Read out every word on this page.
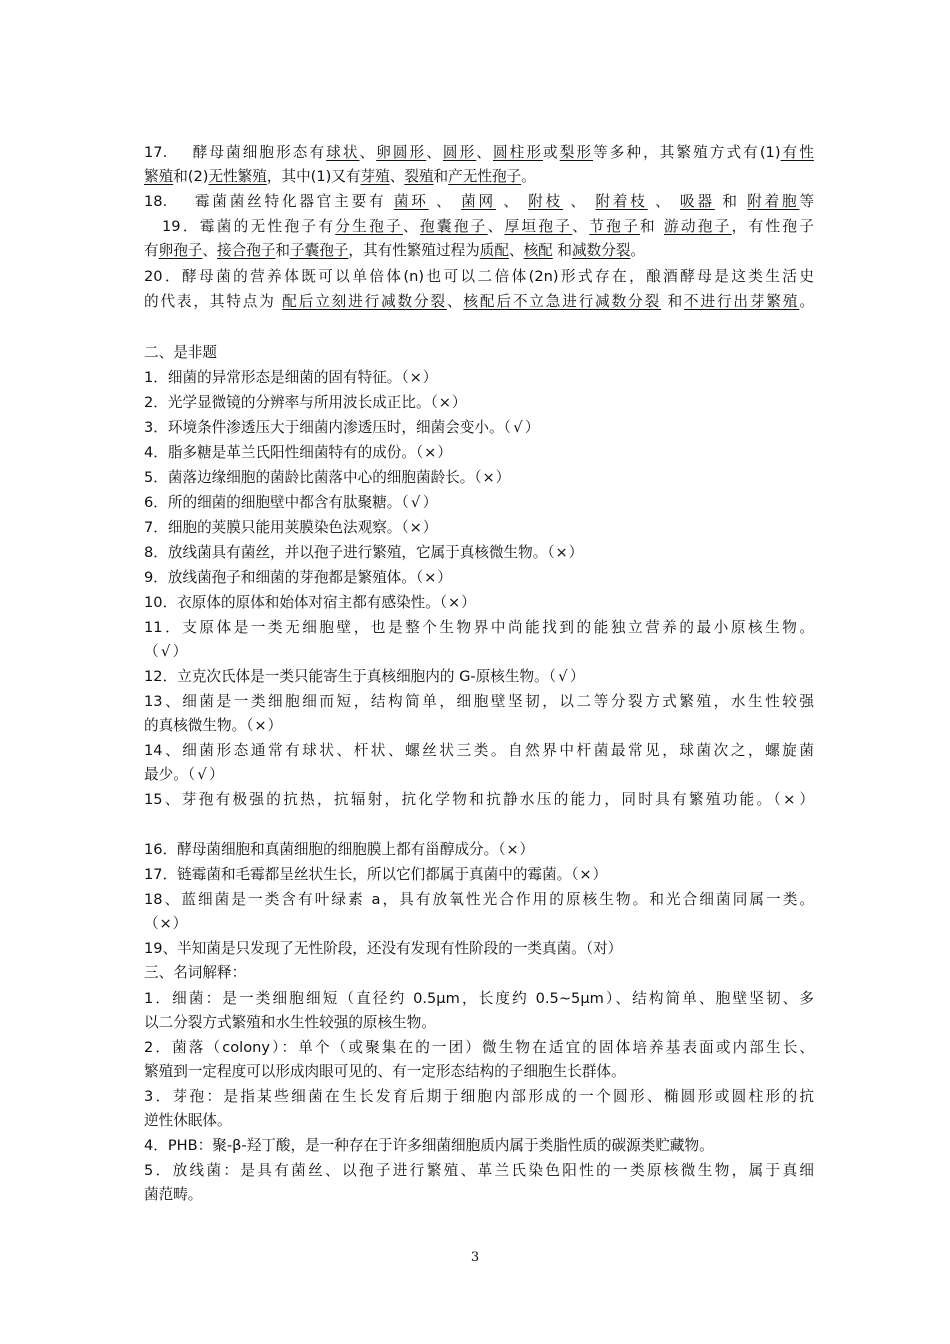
17.　 酵母菌细胞形态有球状、卵圆形、圆形、圆柱形或梨形等多种，其繁殖方式有(1)有性
繁殖和(2)无性繁殖，其中(1)又有芽殖、裂殖和产无性孢子。
18.　 霉菌菌丝特化器官主要有 菌环 、 菌网 、 附枝 、 附着枝 、 吸器 和 附着胞等
19．霉菌的无性孢子有分生孢子、孢囊孢子、厚垣孢子、节孢子和 游动孢子，有性孢子
有卵孢子、接合孢子和子囊孢子，其有性繁殖过程为质配、核配 和减数分裂。
20．酵母菌的营养体既可以单倍体(n)也可以二倍体(2n)形式存在，酿酒酵母是这类生活史
的代表，其特点为 配后立刻进行减数分裂、核配后不立急进行减数分裂 和不进行出芽繁殖。
二、是非题
1．细菌的异常形态是细菌的固有特征。（×）
2．光学显微镜的分辨率与所用波长成正比。（×）
3．环境条件渗透压大于细菌内渗透压时，细菌会变小。（ √ ）
4．脂多糖是革兰氏阳性细菌特有的成份。（×）
5．菌落边缘细胞的菌龄比菌落中心的细胞菌龄长。（×）
6．所的细菌的细胞壁中都含有肽聚糖。（ √ ）
7．细胞的荚膜只能用荚膜染色法观察。（×）
8．放线菌具有菌丝，并以孢子进行繁殖，它属于真核微生物。（×）
9．放线菌孢子和细菌的芽孢都是繁殖体。（×）
10．衣原体的原体和始体对宿主都有感染性。（×）
11．支原体是一类无细胞壁，也是整个生物界中尚能找到的能独立营养的最小原核生物。
（ √ ）
12．立克次氏体是一类只能寄生于真核细胞内的 G-原核生物。（ √ ）
13、细菌是一类细胞细而短，结构简单，细胞壁坚韧，以二等分裂方式繁殖，水生性较强
的真核微生物。（×）
14、细菌形态通常有球状、杆状、螺丝状三类。自然界中杆菌最常见，球菌次之，螺旋菌
最少。（ √ ）
15、芽孢有极强的抗热，抗辐射，抗化学物和抗静水压的能力，同时具有繁殖功能。（× ）
16．酵母菌细胞和真菌细胞的细胞膜上都有甾醇成分。（×）
17．链霉菌和毛霉都呈丝状生长，所以它们都属于真菌中的霉菌。（×）
18、蓝细菌是一类含有叶绿素 a，具有放氧性光合作用的原核生物。和光合细菌同属一类。
（×）
19、半知菌是只发现了无性阶段，还没有发现有性阶段的一类真菌。（对）
三、名词解释：
1．细菌：是一类细胞细短（直径约 0.5μm，长度约 0.5~5μm）、结构简单、胞壁坚韧、多
以二分裂方式繁殖和水生性较强的原核生物。
2．菌落（colony）：单个（或聚集在的一团）微生物在适宜的固体培养基表面或内部生长、
繁殖到一定程度可以形成肉眼可见的、有一定形态结构的子细胞生长群体。
3．芽孢：是指某些细菌在生长发育后期于细胞内部形成的一个圆形、椭圆形或圆柱形的抗
逆性休眠体。
4．PHB：聚-β-羟丁酸，是一种存在于许多细菌细胞质内属于类脂性质的碳源类贮藏物。
5．放线菌：是具有菌丝、以孢子进行繁殖、革兰氏染色阳性的一类原核微生物，属于真细
菌范畴。
3
